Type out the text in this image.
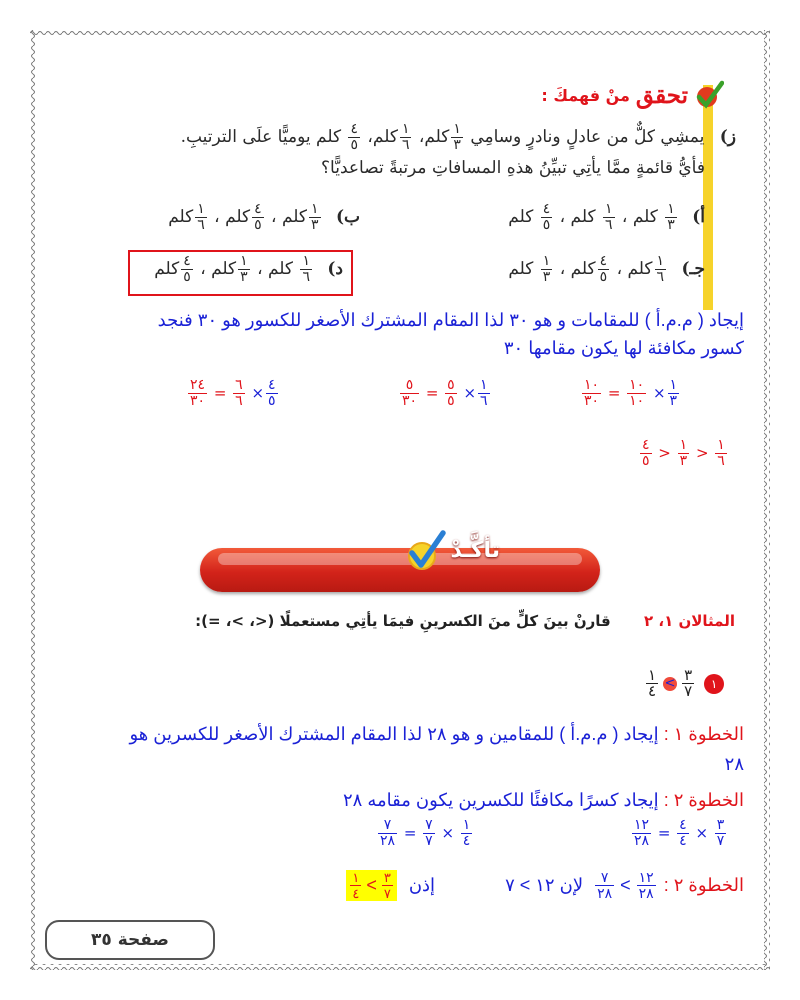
تحقق
منْ فهمكَ :
ز) يمشِي كلٌّ من عادلٍ ونادرٍ وسامِي
$\frac{١}{٣}$
كلم،
$\frac{١}{٦}$
كلم،
$\frac{٤}{٥}$
كلم يوميًّا علَى الترتيبِ.
فأيُّ قائمةٍ ممَّا يأتِي تبيِّنُ هذهِ المسافاتِ مرتبةً تصاعديًّا؟
أ)
$\frac{١}{٣}$
كلم ،
$\frac{١}{٦}$
كلم ،
$\frac{٤}{٥}$
كلم
ب)
$\frac{١}{٣}$
كلم ،
$\frac{٤}{٥}$
كلم ،
$\frac{١}{٦}$
كلم
جـ)
$\frac{١}{٦}$
كلم ،
$\frac{٤}{٥}$
كلم ،
$\frac{١}{٣}$
كلم
د)
$\frac{١}{٦}$
كلم ،
$\frac{١}{٣}$
كلم ،
$\frac{٤}{٥}$
كلم
إيجاد ( م.م.أ ) للمقامات و هو ٣٠ لذا المقام المشترك الأصغر للكسور هو ٣٠ فنجد
كسور مكافئة لها يكون مقامها ٣٠
$\frac{٢٤}{٣٠} = \frac{٦}{٦} \times \frac{٤}{٥}$	$\frac{٥}{٣٠} = \frac{٥}{٥} \times \frac{١}{٦}$	$\frac{١٠}{٣٠} = \frac{١٠}{١٠} \times \frac{١}{٣}$
$\frac{٤}{٥} > \frac{١}{٣} > \frac{١}{٦}$
تأكَّـدْ
المثالان ١، ٢ قارنْ بينَ كلٍّ منَ الكسرينِ فيمَا يأتِي مستعملًا (<، >، =):
$\frac{١}{٤} < \frac{٣}{٧}$	١
الخطوة ١ : إيجاد ( م.م.أ ) للمقامين و هو ٢٨ لذا المقام المشترك الأصغر للكسرين هو
٢٨
الخطوة ٢ : إيجاد كسرًا مكافئًا للكسرين يكون مقامه ٢٨
$\frac{٧}{٢٨} = \frac{٧}{٧} \times \frac{١}{٤}$	$\frac{١٢}{٢٨} = \frac{٤}{٤} \times \frac{٣}{٧}$
الخطوة ٢ :
$\frac{١٢}{٢٨}$
>
$\frac{٧}{٢٨}$
لإن ١٢ > ٧
إذن
$\frac{٣}{٧}$
>
$\frac{١}{٤}$
صفحة ٣٥
